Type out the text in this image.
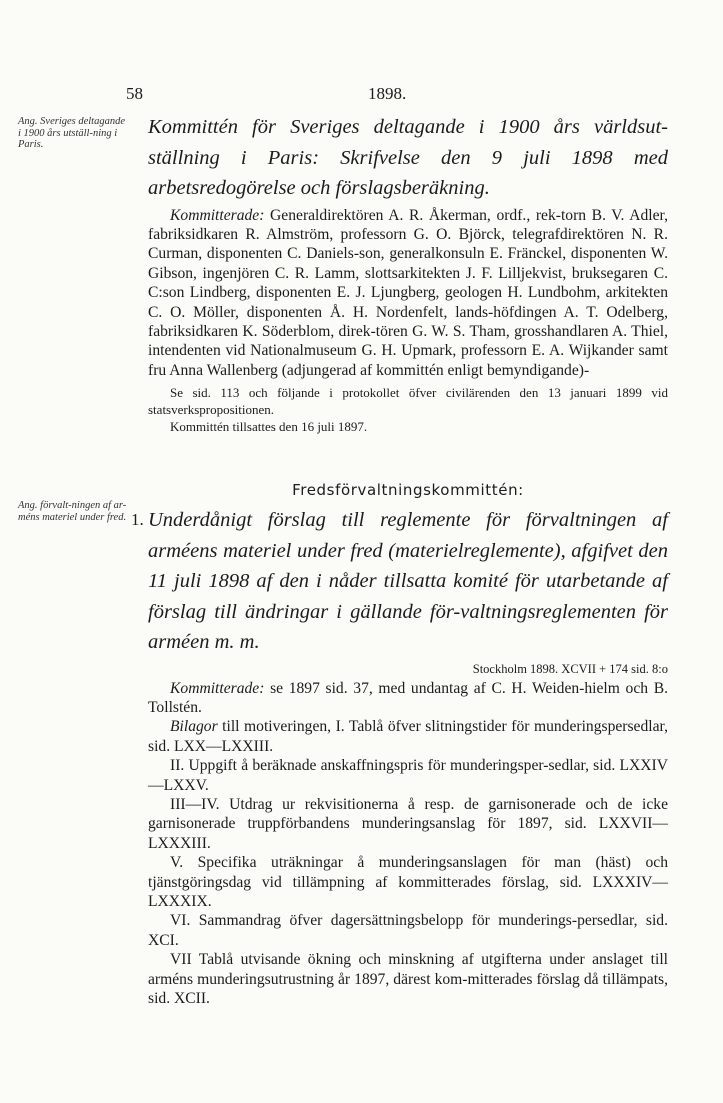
58	1898.
Ang. Sveriges deltagande i 1900 års utställ-ning i Paris.

Kommittén för Sveriges deltagande i 1900 års världsut-ställning i Paris: Skrifvelse den 9 juli 1898 med arbetsredogörelse och förslagsberäkning.

Kommitterade: Generaldirektören A. R. Åkerman, ordf., rek-torn B. V. Adler, fabriksidkaren R. Almström, professorn G. O. Björck, telegrafdirektören N. R. Curman, disponenten C. Daniels-son, generalkonsuln E. Fränckel, disponenten W. Gibson, ingenjören C. R. Lamm, slottsarkitekten J. F. Lilljekvist, bruksegaren C. C:son Lindberg, disponenten E. J. Ljungberg, geologen H. Lundbohm, arkitekten C. O. Möller, disponenten Å. H. Nordenfelt, lands-höfdingen A. T. Odelberg, fabriksidkaren K. Söderblom, direk-tören G. W. S. Tham, grosshandlaren A. Thiel, intendenten vid Nationalmuseum G. H. Upmark, professorn E. A. Wijkander samt fru Anna Wallenberg (adjungerad af kommittén enligt bemyndigande)-

Se sid. 113 och följande i protokollet öfver civilärenden den 13 januari 1899 vid statsverkspropositionen.

Kommittén tillsattes den 16 juli 1897.

Fredsförvaltningskommittén:
Ang. förvalt-ningen af ar-méns materiel under fred. 1. Underdånigt förslag till reglemente för förvaltningen af arméens materiel under fred (materielreglemente), afgifvet den 11 juli 1898 af den i nåder tillsatta komité för utarbetande af förslag till ändringar i gällande för-valtningsreglementen för arméen m. m.

Stockholm 1898. XCVII + 174 sid. 8:o

Kommitterade: se 1897 sid. 37, med undantag af C. H. Weiden-hielm och B. Tollstén.

Bilagor till motiveringen, I. Tablå öfver slitningstider för munderingspersedlar, sid. LXX—LXXIII.

II. Uppgift å beräknade anskaffningspris för munderingsper-sedlar, sid. LXXIV—LXXV.

III—IV. Utdrag ur rekvisitionerna å resp. de garnisonerade och de icke garnisonerade truppförbandens munderingsanslag för 1897, sid. LXXVII—LXXXIII.

V. Specifika uträkningar å munderingsanslagen för man (häst) och tjänstgöringsdag vid tillämpning af kommitterades förslag, sid. LXXXIV—LXXXIX.

VI. Sammandrag öfver dagersättningsbelopp för munderings-persedlar, sid. XCI.

VII Tablå utvisande ökning och minskning af utgifterna under anslaget till arméns munderingsutrustning år 1897, därest kom-mitterades förslag då tillämpats, sid. XCII.
